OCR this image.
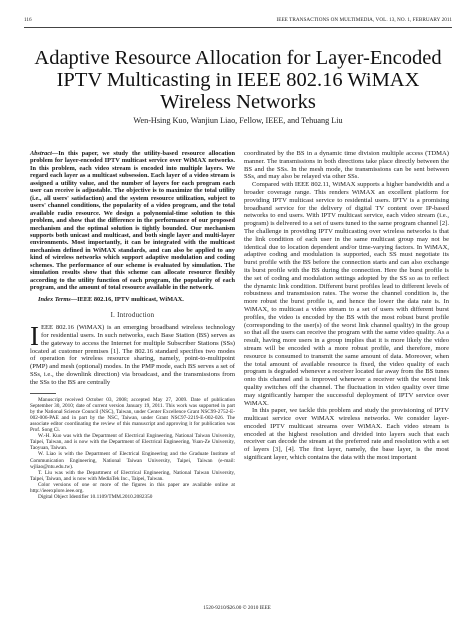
116	IEEE TRANSACTIONS ON MULTIMEDIA, VOL. 13, NO. 1, FEBRUARY 2011
Adaptive Resource Allocation for Layer-Encoded
IPTV Multicasting in IEEE 802.16 WiMAX
Wireless Networks
Wen-Hsing Kuo, Wanjiun Liao, Fellow, IEEE, and Tehuang Liu
Abstract—In this paper, we study the utility-based resource allocation problem for layer-encoded IPTV multicast service over WiMAX networks. In this problem, each video stream is encoded into multiple layers. We regard each layer as a multicast subsession. Each layer of a video stream is assigned a utility value, and the number of layers for each program each user can receive is adjustable. The objective is to maximize the total utility (i.e., all users' satisfaction) and the system resource utilization, subject to users' channel conditions, the popularity of a video program, and the total available radio resource. We design a polynomial-time solution to this problem, and show that the difference in the performance of our proposed mechanism and the optimal solution is tightly bounded. Our mechanism supports both unicast and multicast, and both single layer and multi-layer environments. Most importantly, it can be integrated with the multicast mechanism defined in WiMAX standards, and can also be applied to any kind of wireless networks which support adaptive modulation and coding schemes. The performance of our scheme is evaluated by simulation. The simulation results show that this scheme can allocate resource flexibly according to the utility function of each program, the popularity of each program, and the amount of total resource available in the network.
Index Terms—IEEE 802.16, IPTV multicast, WiMAX.
I. Introduction

IEEE 802.16 (WiMAX) is an emerging broadband wireless technology for residential users. In such networks, each Base Station (BS) serves as the gateway to access the Internet for multiple Subscriber Stations (SSs) located at customer premises [1]. The 802.16 standard specifies two modes of operation for wireless resource sharing, namely, point-to-multipoint (PMP) and mesh (optional) modes. In the PMP mode, each BS serves a set of SSs, i.e., the downlink direction) via broadcast, and the transmissions from the SSs to the BS are centrally

Manuscript received October 03, 2008; accepted May 27, 2009. Date of publication September 30, 2010; date of current version January 19, 2011. This work was supported in part by the National Science Council (NSC), Taiwan, under Center Excellence Grant NSC99-2752-E-002-006-PAE and in part by the NSC, Taiwan, under Grant NSC97-2219-E-002-026. The associate editor coordinating the review of this manuscript and approving it for publication was Prof. Song Ci.

W.-H. Kuo was with the Department of Electrical Engineering, National Taiwan University, Taipei, Taiwan, and is now with the Department of Electrical Engineering, Yuan-Ze University, Taoyuan, Taiwan.

W. Liao is with the Department of Electrical Engineering and the Graduate Institute of Communication Engineering, National Taiwan University, Taipei, Taiwan (e-mail: wjliao@ntu.edu.tw).

T. Liu was with the Department of Electrical Engineering, National Taiwan University, Taipei, Taiwan, and is now with MediaTek Inc., Taipei, Taiwan.

Color versions of one or more of the figures in this paper are available online at http://ieeexplore.ieee.org.

Digital Object Identifier 10.1109/TMM.2010.2082350

coordinated by the BS in a dynamic time division multiple access (TDMA) manner. The transmissions in both directions take place directly between the BS and the SSs. In the mesh mode, the transmissions can be sent between SSs, and may also be relayed via other SSs.

Compared with IEEE 802.11, WiMAX supports a higher bandwidth and a broader coverage range. This renders WiMAX an excellent platform for providing IPTV multicast service to residential users. IPTV is a promising broadband service for the delivery of digital TV content over IP-based networks to end users. With IPTV multicast service, each video stream (i.e., program) is delivered to a set of users tuned to the same program channel [2]. The challenge in providing IPTV multicasting over wireless networks is that the link condition of each user in the same multicast group may not be identical due to location dependent and/or time-varying factors. In WiMAX, adaptive coding and modulation is supported, each SS must negotiate its burst profile with the BS before the connection starts and can also exchange its burst profile with the BS during the connection. Here the burst profile is the set of coding and modulation settings adopted by the SS so as to reflect the dynamic link condition. Different burst profiles lead to different levels of robustness and transmission rates. The worse the channel condition is, the more robust the burst profile is, and hence the lower the data rate is. In WiMAX, to multicast a video stream to a set of users with different burst profiles, the video is encoded by the BS with the most robust burst profile (corresponding to the user(s) of the worst link channel quality) in the group so that all the users can receive the program with the same video quality. As a result, having more users in a group implies that it is more likely the video stream will be encoded with a more robust profile, and therefore, more resource is consumed to transmit the same amount of data. Moreover, when the total amount of available resource is fixed, the video quality of each program is degraded whenever a receiver located far away from the BS tunes onto this channel and is improved whenever a receiver with the worst link quality switches off the channel. The fluctuation in video quality over time may significantly hamper the successful deployment of IPTV service over WiMAX.

In this paper, we tackle this problem and study the provisioning of IPTV multicast service over WiMAX wireless networks. We consider layer-encoded IPTV multicast streams over WiMAX. Each video stream is encoded at the highest resolution and divided into layers such that each receiver can decode the stream at the preferred rate and resolution with a set of layers [3], [4]. The first layer, namely, the base layer, is the most significant layer, which contains the data with the most important

1520-9210/$26.00 © 2010 IEEE
